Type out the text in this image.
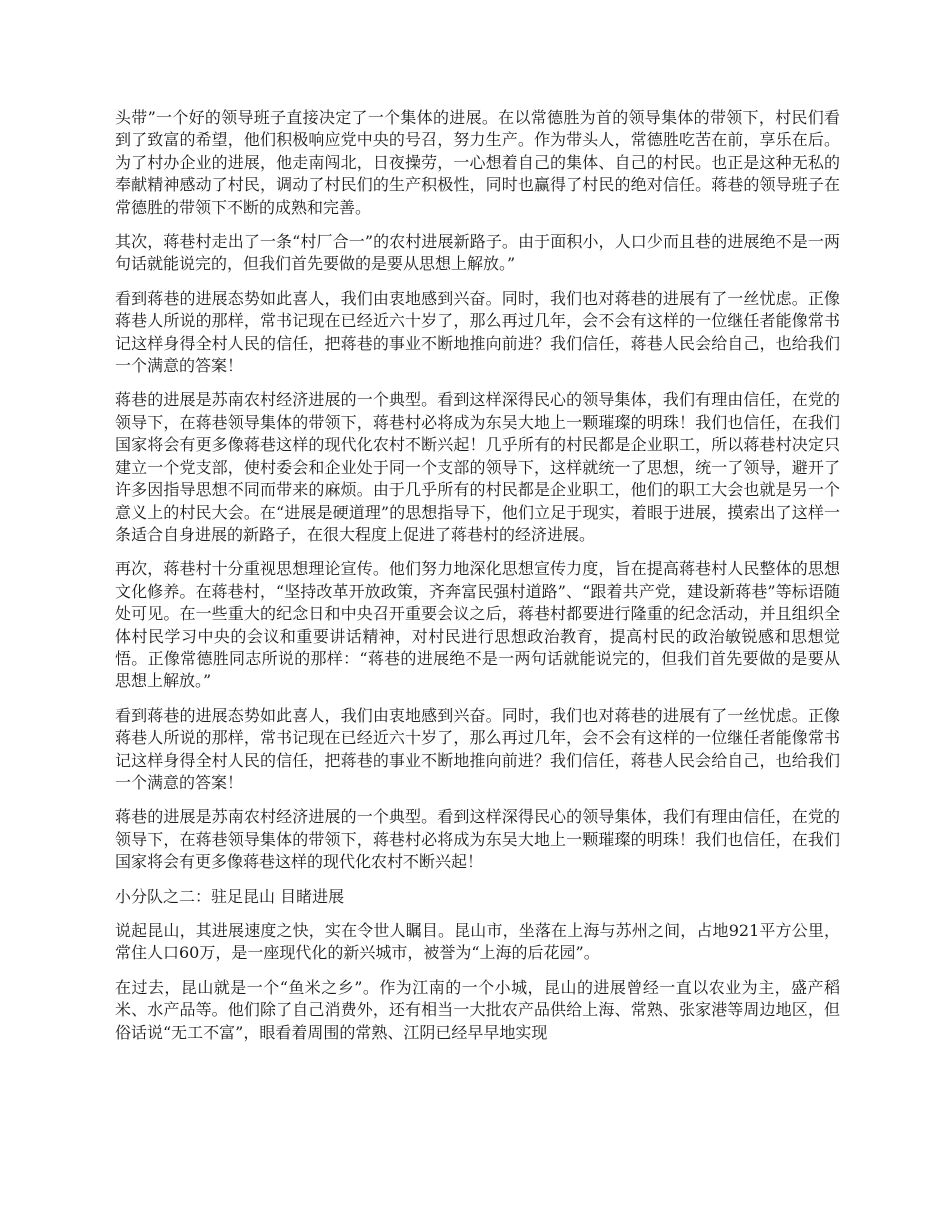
头带”一个好的领导班子直接决定了一个集体的进展。在以常德胜为首的领导集体的带领下，村民们看到了致富的希望，他们积极响应党中央的号召，努力生产。作为带头人，常德胜吃苦在前，享乐在后。为了村办企业的进展，他走南闯北，日夜操劳，一心想着自己的集体、自己的村民。也正是这种无私的奉献精神感动了村民，调动了村民们的生产积极性，同时也赢得了村民的绝对信任。蒋巷的领导班子在常德胜的带领下不断的成熟和完善。

其次，蒋巷村走出了一条“村厂合一”的农村进展新路子。由于面积小，人口少而且巷的进展绝不是一两句话就能说完的，但我们首先要做的是要从思想上解放。”

看到蒋巷的进展态势如此喜人，我们由衷地感到兴奋。同时，我们也对蒋巷的进展有了一丝忧虑。正像蒋巷人所说的那样，常书记现在已经近六十岁了，那么再过几年，会不会有这样的一位继任者能像常书记这样身得全村人民的信任，把蒋巷的事业不断地推向前进？我们信任，蒋巷人民会给自己，也给我们一个满意的答案！

蒋巷的进展是苏南农村经济进展的一个典型。看到这样深得民心的领导集体，我们有理由信任，在党的领导下，在蒋巷领导集体的带领下，蒋巷村必将成为东吴大地上一颗璀璨的明珠！我们也信任，在我们国家将会有更多像蒋巷这样的现代化农村不断兴起！几乎所有的村民都是企业职工，所以蒋巷村决定只建立一个党支部，使村委会和企业处于同一个支部的领导下，这样就统一了思想，统一了领导，避开了许多因指导思想不同而带来的麻烦。由于几乎所有的村民都是企业职工，他们的职工大会也就是另一个意义上的村民大会。在“进展是硬道理”的思想指导下，他们立足于现实，着眼于进展，摸索出了这样一条适合自身进展的新路子，在很大程度上促进了蒋巷村的经济进展。

再次，蒋巷村十分重视思想理论宣传。他们努力地深化思想宣传力度，旨在提高蒋巷村人民整体的思想文化修养。在蒋巷村，“坚持改革开放政策，齐奔富民强村道路”、“跟着共产党，建设新蒋巷”等标语随处可见。在一些重大的纪念日和中央召开重要会议之后，蒋巷村都要进行隆重的纪念活动，并且组织全体村民学习中央的会议和重要讲话精神，对村民进行思想政治教育，提高村民的政治敏锐感和思想觉悟。正像常德胜同志所说的那样：“蒋巷的进展绝不是一两句话就能说完的，但我们首先要做的是要从思想上解放。”

看到蒋巷的进展态势如此喜人，我们由衷地感到兴奋。同时，我们也对蒋巷的进展有了一丝忧虑。正像蒋巷人所说的那样，常书记现在已经近六十岁了，那么再过几年，会不会有这样的一位继任者能像常书记这样身得全村人民的信任，把蒋巷的事业不断地推向前进？我们信任，蒋巷人民会给自己，也给我们一个满意的答案！

蒋巷的进展是苏南农村经济进展的一个典型。看到这样深得民心的领导集体，我们有理由信任，在党的领导下，在蒋巷领导集体的带领下，蒋巷村必将成为东吴大地上一颗璀璨的明珠！我们也信任，在我们国家将会有更多像蒋巷这样的现代化农村不断兴起！

小分队之二：驻足昆山 目睹进展

说起昆山，其进展速度之快，实在令世人瞩目。昆山市，坐落在上海与苏州之间，占地921平方公里，常住人口60万，是一座现代化的新兴城市，被誉为“上海的后花园”。

在过去，昆山就是一个“鱼米之乡”。作为江南的一个小城，昆山的进展曾经一直以农业为主，盛产稻米、水产品等。他们除了自己消费外，还有相当一大批农产品供给上海、常熟、张家港等周边地区，但俗话说“无工不富”，眼看着周围的常熟、江阴已经早早地实现
